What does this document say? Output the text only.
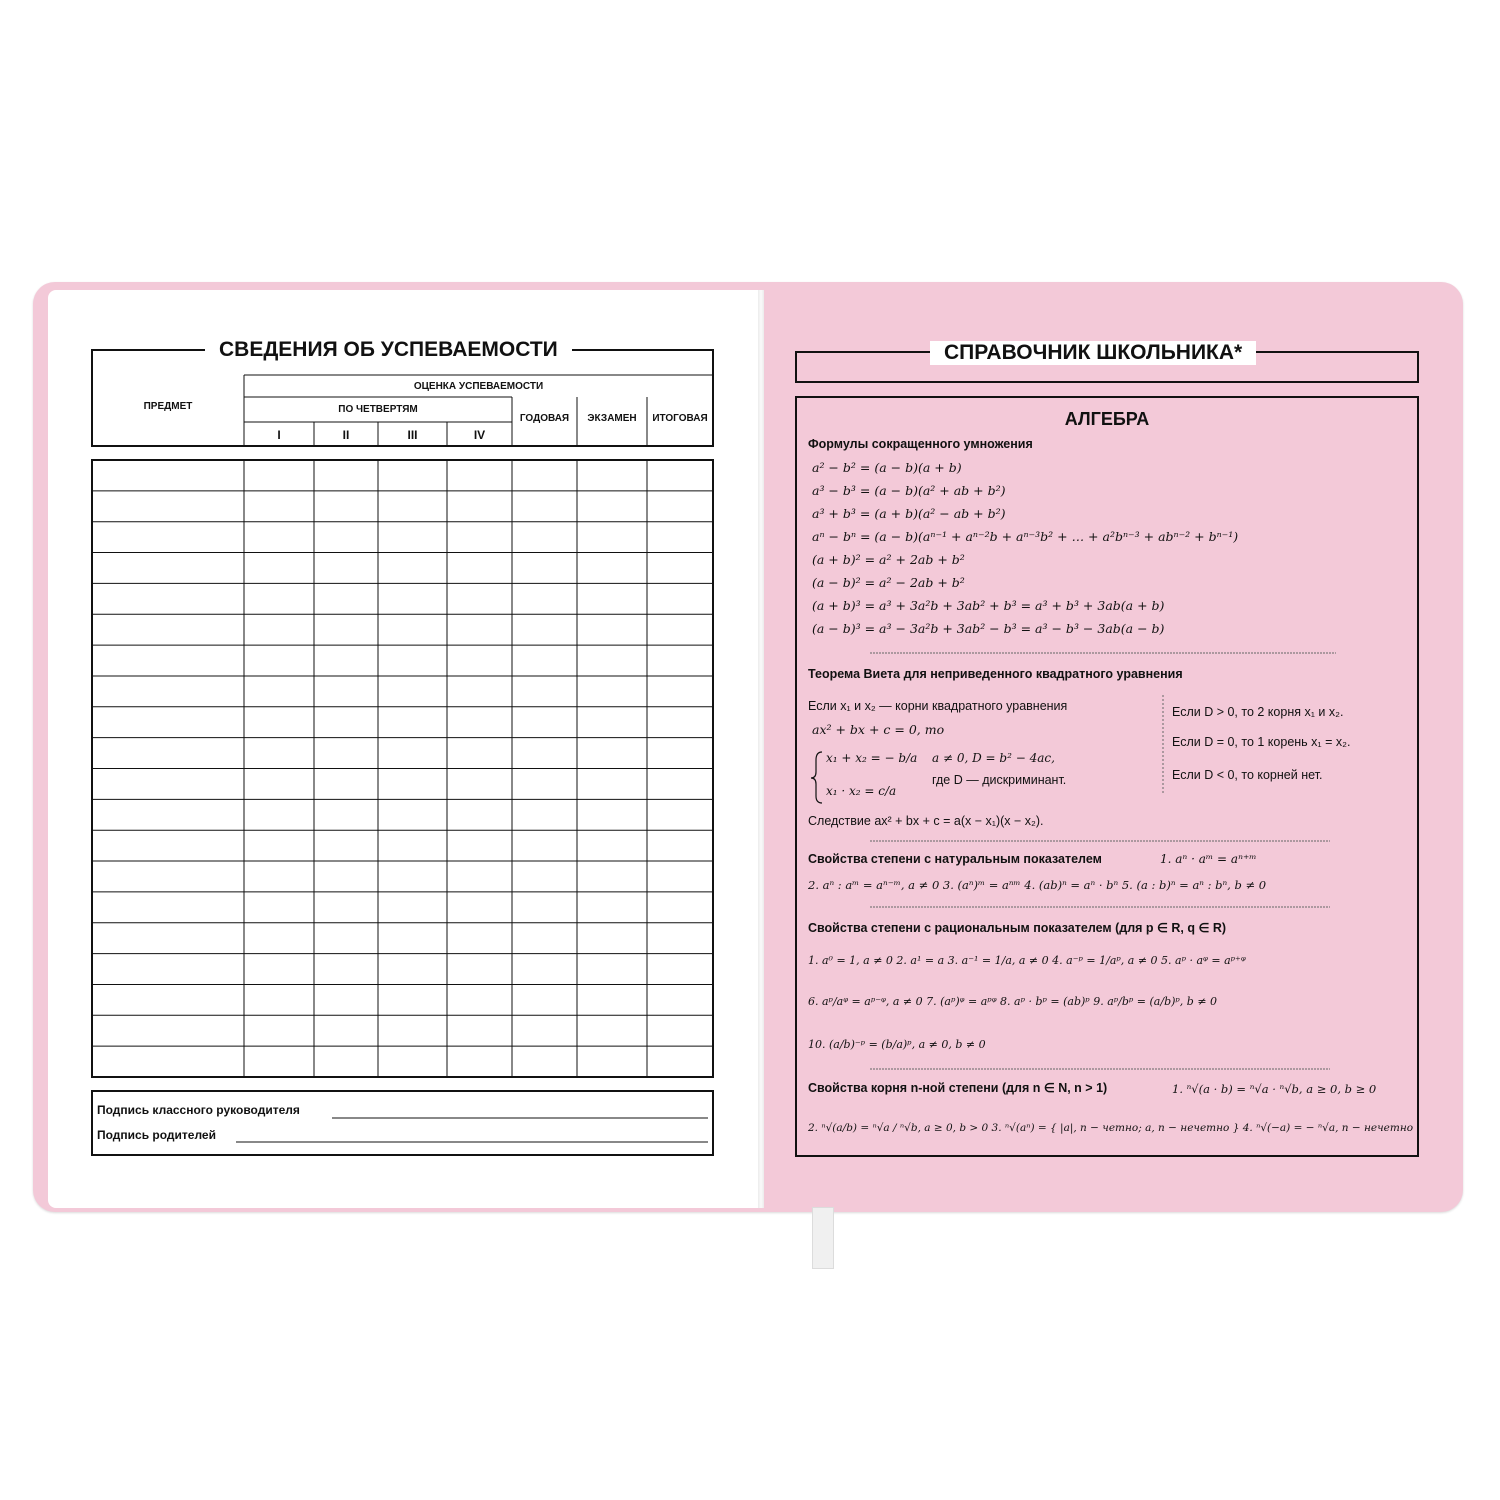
СВЕДЕНИЯ ОБ УСПЕВАЕМОСТИ
ПРЕДМЕТ
ОЦЕНКА УСПЕВАЕМОСТИ
ПО ЧЕТВЕРТЯМ
I	II	III	IV
ГОДОВАЯ	ЭКЗАМЕН	ИТОГОВАЯ
Подпись классного руководителя
Подпись родителей
СПРАВОЧНИК ШКОЛЬНИКА*
АЛГЕБРА
Формулы сокращенного умножения
a² − b² = (a − b)(a + b)
a³ − b³ = (a − b)(a² + ab + b²)
a³ + b³ = (a + b)(a² − ab + b²)
aⁿ − bⁿ = (a − b)(aⁿ⁻¹ + aⁿ⁻²b + aⁿ⁻³b² + … + a²bⁿ⁻³ + abⁿ⁻² + bⁿ⁻¹)
(a + b)² = a² + 2ab + b²
(a − b)² = a² − 2ab + b²
(a + b)³ = a³ + 3a²b + 3ab² + b³ = a³ + b³ + 3ab(a + b)
(a − b)³ = a³ − 3a²b + 3ab² − b³ = a³ − b³ − 3ab(a − b)
Теорема Виета для неприведенного квадратного уравнения
Если x₁ и x₂ — корни квадратного уравнения
ax² + bx + c = 0, то
x₁ + x₂ = − b/a
x₁ · x₂ = c/a
a ≠ 0, D = b² − 4ac,
где D — дискриминант.
Если D > 0, то 2 корня x₁ и x₂.
Если D = 0, то 1 корень x₁ = x₂.
Если D < 0, то корней нет.
Следствие ax² + bx + c = a(x − x₁)(x − x₂).
Свойства степени с натуральным показателем	1. aⁿ · aᵐ = aⁿ⁺ᵐ
2. aⁿ : aᵐ = aⁿ⁻ᵐ, a ≠ 0 3. (aⁿ)ᵐ = aⁿᵐ 4. (ab)ⁿ = aⁿ · bⁿ 5. (a : b)ⁿ = aⁿ : bⁿ, b ≠ 0
Свойства степени с рациональным показателем (для p ∈ R, q ∈ R)
1. a⁰ = 1, a ≠ 0 2. a¹ = a 3. a⁻¹ = 1/a, a ≠ 0 4. a⁻ᵖ = 1/aᵖ, a ≠ 0 5. aᵖ · aᵠ = aᵖ⁺ᵠ
6. aᵖ/aᵠ = aᵖ⁻ᵠ, a ≠ 0 7. (aᵖ)ᵠ = aᵖᵠ 8. aᵖ · bᵖ = (ab)ᵖ 9. aᵖ/bᵖ = (a/b)ᵖ, b ≠ 0
10. (a/b)⁻ᵖ = (b/a)ᵖ, a ≠ 0, b ≠ 0
Свойства корня n-ной степени (для n ∈ N, n > 1)	1. ⁿ√(a · b) = ⁿ√a · ⁿ√b, a ≥ 0, b ≥ 0
2. ⁿ√(a/b) = ⁿ√a / ⁿ√b, a ≥ 0, b > 0 3. ⁿ√(aⁿ) = { |a|, n − четно; a, n − нечетно } 4. ⁿ√(−a) = − ⁿ√a, n − нечетно
